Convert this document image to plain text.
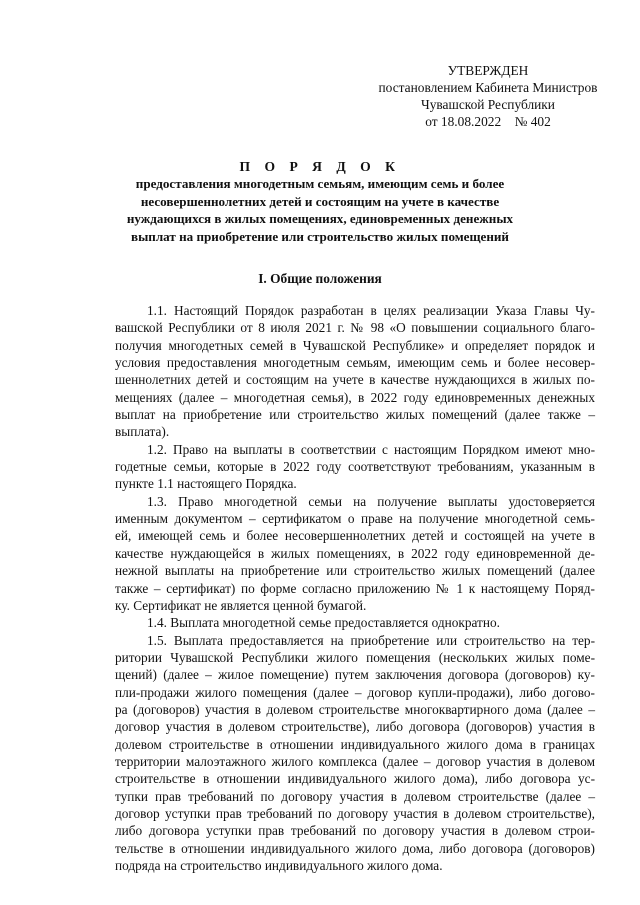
УТВЕРЖДЕН
постановлением Кабинета Министров
Чувашской Республики
от 18.08.2022    № 402
П О Р Я Д О К
предоставления многодетным семьям, имеющим семь и более
несовершеннолетних детей и состоящим на учете в качестве
нуждающихся в жилых помещениях, единовременных денежных
выплат на приобретение или строительство жилых помещений
I. Общие положения
1.1. Настоящий Порядок разработан в целях реализации Указа Главы Чу-
вашской Республики от 8 июля 2021 г. № 98 «О повышении социального благо-
получия многодетных семей в Чувашской Республике» и определяет порядок и
условия предоставления многодетным семьям, имеющим семь и более несовер-
шеннолетних детей и состоящим на учете в качестве нуждающихся в жилых по-
мещениях (далее – многодетная семья), в 2022 году единовременных денежных
выплат на приобретение или строительство жилых помещений (далее также –
выплата).
1.2. Право на выплаты в соответствии с настоящим Порядком имеют мно-
годетные семьи, которые в 2022 году соответствуют требованиям, указанным в
пункте 1.1 настоящего Порядка.
1.3. Право многодетной семьи на получение выплаты удостоверяется
именным документом – сертификатом о праве на получение многодетной семь-
ей, имеющей семь и более несовершеннолетних детей и состоящей на учете в
качестве нуждающейся в жилых помещениях, в 2022 году единовременной де-
нежной выплаты на приобретение или строительство жилых помещений (далее
также – сертификат) по форме согласно приложению № 1 к настоящему Поряд-
ку. Сертификат не является ценной бумагой.
1.4. Выплата многодетной семье предоставляется однократно.
1.5. Выплата предоставляется на приобретение или строительство на тер-
ритории Чувашской Республики жилого помещения (нескольких жилых поме-
щений) (далее – жилое помещение) путем заключения договора (договоров) ку-
пли-продажи жилого помещения (далее – договор купли-продажи), либо догово-
ра (договоров) участия в долевом строительстве многоквартирного дома (далее –
договор участия в долевом строительстве), либо договора (договоров) участия в
долевом строительстве в отношении индивидуального жилого дома в границах
территории малоэтажного жилого комплекса (далее – договор участия в долевом
строительстве в отношении индивидуального жилого дома), либо договора ус-
тупки прав требований по договору участия в долевом строительстве (далее –
договор уступки прав требований по договору участия в долевом строительстве),
либо договора уступки прав требований по договору участия в долевом строи-
тельстве в отношении индивидуального жилого дома, либо договора (договоров)
подряда на строительство индивидуального жилого дома.
